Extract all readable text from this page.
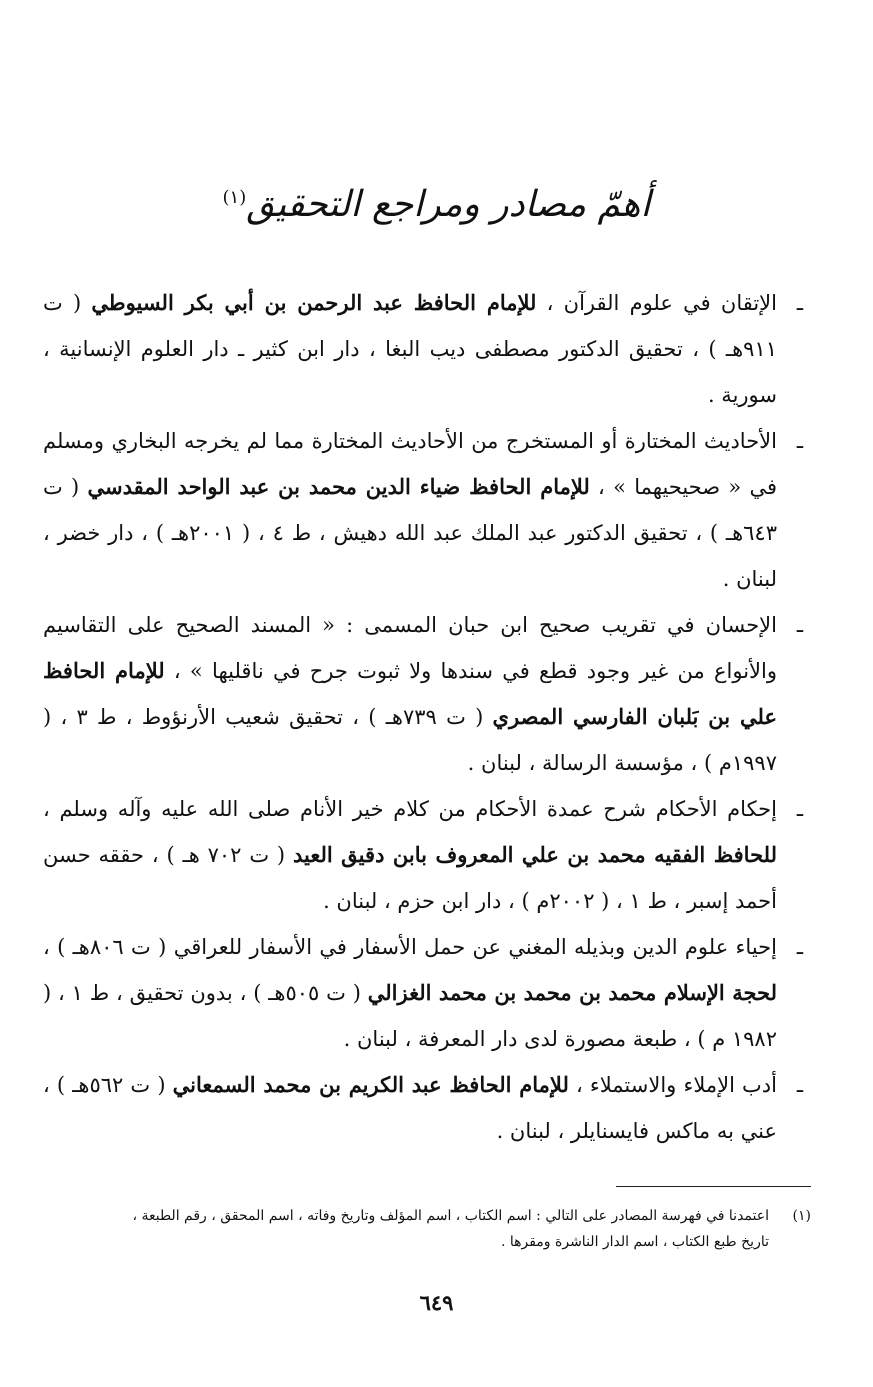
أهمّ مصادر ومراجع التحقيق$^{(١)}$

ـالإتقان في علوم القرآن ، للإمام الحافظ عبد الرحمن بن أبي بكر السيوطي ( ت ٩١١هـ ) ، تحقيق الدكتور مصطفى ديب البغا ، دار ابن كثير ـ دار العلوم الإنسانية ، سورية .

ـالأحاديث المختارة أو المستخرج من الأحاديث المختارة مما لم يخرجه البخاري ومسلم في « صحيحيهما » ، للإمام الحافظ ضياء الدين محمد بن عبد الواحد المقدسي ( ت ٦٤٣هـ ) ، تحقيق الدكتور عبد الملك عبد الله دهيش ، ط ٤ ، ( ٢٠٠١هـ ) ، دار خضر ، لبنان .

ـالإحسان في تقريب صحيح ابن حبان المسمى : « المسند الصحيح على التقاسيم والأنواع من غير وجود قطع في سندها ولا ثبوت جرح في ناقليها » ، للإمام الحافظ علي بن بَلبان الفارسي المصري ( ت ٧٣٩هـ ) ، تحقيق شعيب الأرنؤوط ، ط ٣ ، ( ١٩٩٧م ) ، مؤسسة الرسالة ، لبنان .

ـإحكام الأحكام شرح عمدة الأحكام من كلام خير الأنام صلى الله عليه وآله وسلم ، للحافظ الفقيه محمد بن علي المعروف بابن دقيق العيد ( ت ٧٠٢ هـ ) ، حققه حسن أحمد إسبر ، ط ١ ، ( ٢٠٠٢م ) ، دار ابن حزم ، لبنان .

ـإحياء علوم الدين وبذيله المغني عن حمل الأسفار في الأسفار للعراقي ( ت ٨٠٦هـ ) ، لحجة الإسلام محمد بن محمد بن محمد الغزالي ( ت ٥٠٥هـ ) ، بدون تحقيق ، ط ١ ، ( ١٩٨٢ م ) ، طبعة مصورة لدى دار المعرفة ، لبنان .

ـأدب الإملاء والاستملاء ، للإمام الحافظ عبد الكريم بن محمد السمعاني ( ت ٥٦٢هـ ) ، عني به ماكس فايسنايلر ، لبنان .

(١)اعتمدنا في فهرسة المصادر على التالي : اسم الكتاب ، اسم المؤلف وتاريخ وفاته ، اسم المحقق ، رقم الطبعة ،
تاريخ طبع الكتاب ، اسم الدار الناشرة ومقرها .
٦٤٩
